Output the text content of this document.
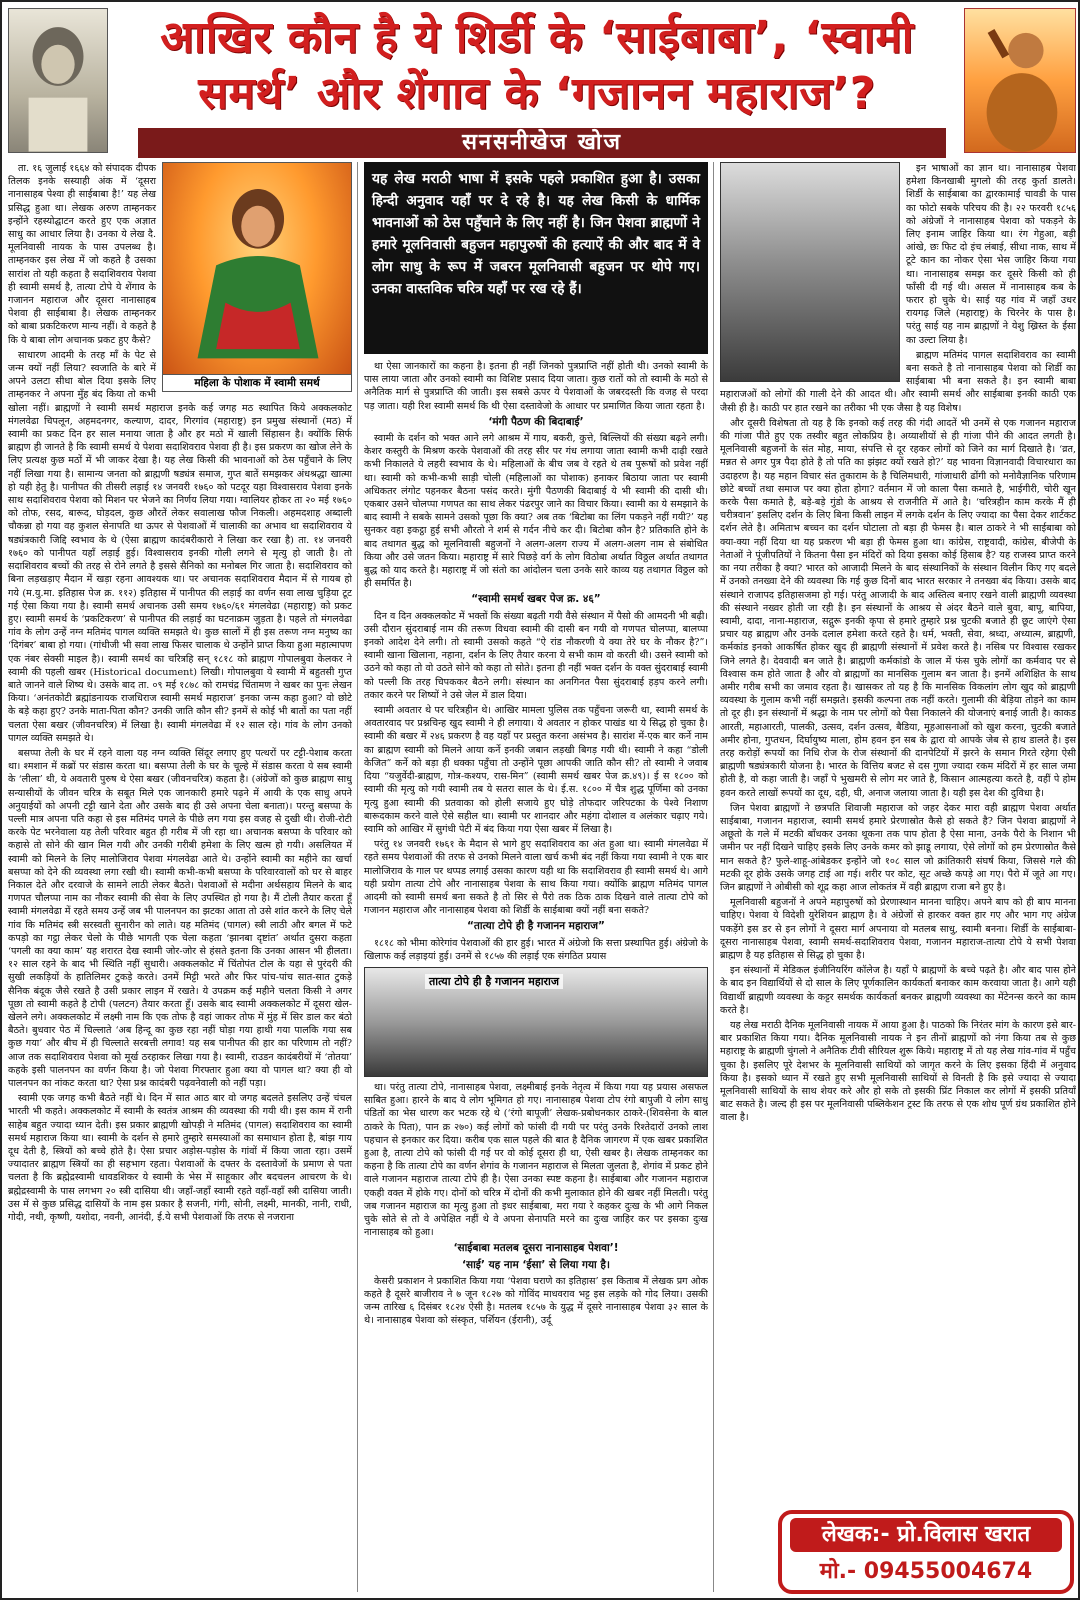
आखिर कौन है ये शिर्डी के ‘साईबाबा’, ‘स्वामी
समर्थ’ और शेंगाव के ‘गजानन महाराज’?
सनसनीखेज खोज
महिला के पोशाक में स्वामी समर्थ

ता. १६ जुलाई १६६४ को संपादक दीपक तिलक इनके सस्याही अंक में ‘दूसरा नानासाहब पेश्वा ही साईबाबा है!’ यह लेख प्रसिद्ध हुआ था। लेखक अरुण ताम्हनकर इन्होंने रहस्योद्घाटन करते हुए एक अज्ञात साधु का आधार लिया है। उनका ये लेख दै. मूलनिवासी नायक के पास उपलब्ध है। ताम्हनकर इस लेख में जो कहते है उसका सारांश तो यही कहता है सदाशिवराव पेशवा ही स्वामी समर्थ है, तात्या टोपे ये शेंगाव के गजानन महाराज और दूसरा नानासाहब पेशवा ही साईबाबा है। लेखक ताम्हनकर को बाबा प्रकटिकरण मान्य नहीं। वे कहते है कि ये बाबा लोग अचानक प्रकट हुए कैसे?

साधारण आदमी के तरह माँ के पेट से जन्म क्यों नहीं लिया? स्वजाति के बारे में अपने उलटा सीधा बोल दिया इसके लिए ताम्हनकर ने अपना मुँह बंद किया तो कभी खोला नहीं। ब्राह्मणों ने स्वामी समर्थ महाराज इनके कई जगह मठ स्थापित किये अक्कलकोट मंगलवेढा चिपलून, अहमदनगर, कल्याण, दादर, गिरगांव (महाराष्ट्र) इन प्रमुख संस्थानों (मठ) में स्वामी का प्रकट दिन हर साल मनाया जाता है और हर मठो में खाली सिंहासन है। क्योंकि सिर्फ ब्राह्मण ही जानते है कि स्वामी समर्थ ये पेशवा सदाशिवराव पेशवा ही है। इस प्रकरण का खोज लेने के लिए प्रत्यक्ष कुछ मठों में भी जाकर देखा है। यह लेख किसी की भावनाओं को ठेस पहुँचाने के लिए नहीं लिखा गया है। सामान्य जनता को ब्राह्मणी षड्यंत्र समाज, गुप्त बातें समझकर अंधश्रद्धा खात्मा हो यही हेतु है। पानीपत की तीसरी लड़ाई १४ जनवरी १७६० को पटदूर यहा विश्वासराव पेशवा इनके साथ सदाशिवराव पेशवा को मिशन पर भेजने का निर्णय लिया गया। ग्वालियर होकर ता २० मई १७६० को तोफ, रसद, बारूद, घोड़दल, कुछ औरतें लेकर सवालाख फौज निकली। अहमदशाह अब्दाली चौकन्ना हो गया वह कुशल सेनापति था ऊपर से पेशवाओं में चालाकी का अभाव था सदाशिवराव ये षड्यंत्रकारी जिद्दि स्वभाव के थे (ऐसा ब्राह्मण कादंबरीकारो ने लिखा कर रखा है) ता. १४ जनवरी १७६० को पानीपत यहाँ लड़ाई हुई। विश्वासराव इनकी गोली लगने से मृत्यु हो जाती है। तो सदाशिवराव बच्चों की तरह से रोने लगते है इससे सैनिको का मनोबल गिर जाता है। सदाशिवराव को बिना लड़खड़ाए मैदान में खड़ा रहना आवश्यक था। पर अचानक सदाशिवराव मैदान में से गायब हो गये (म.यु.मा. इतिहास पेज क्र. ११२) इतिहास में पानीपत की लड़ाई का वर्णन सवा लाख चुड़िया टूट गई ऐसा किया गया है। स्वामी समर्थ अचानक उसी समय १७६०/६१ मंगलवेढा (महाराष्ट्र) को प्रकट हुए। स्वामी समर्थ के ‘प्रकटिकरण’ से पानीपत की लड़ाई का घटनाक्रम जुड़ता है। पहले तो मंगलवेढा गांव के लोग उन्हें नग्न मतिमंद पागल व्यक्ति समझते थे। कुछ सालों में ही इस तरूण नग्न मनुष्य का ‘दिगंबर’ बाबा हो गया। (गांधीजी भी सवा लाख फिसर चालाक थे उन्होंने प्राप्त किया हुआ महात्मापण एक नंबर सेक्सी माइल है)। स्वामी समर्थ का चरित्रहि सन् १८१८ को ब्राह्मण गोपालबुवा केलकर ने स्वामी की पहली खबर (Historical document) लिखी। गोपालबुवा ये स्वामी में बहुतसी गुप्त बाते जानने वाले शिष्य थे। उसके बाद ता. ०९ मई १८७८ को रामचंद्र चिंतामण ने खबर का पुनः लेखन किया। ‘अनंतकोटी ब्रह्मांडनायक राजधिराज स्वामी समर्थ महाराज’ इनका जन्म कहा हुआ? वो छोटे के बड़े कहा हुए? उनके माता-पिता कौन? उनकी जाति कौन सी? इनमें से कोई भी बातों का पता नहीं चलता ऐसा बखर (जीवनचरित्र) में लिखा है। स्वामी मंगलवेढा में १२ साल रहे। गांव के लोग उनको पागल व्यक्ति समझते थे।

बसप्पा तेली के घर में रहने वाला यह नग्न व्यक्ति सिंदूर लगाए हुए पत्थरों पर टट्टी-पेशाब करता था। श्मशान में कब्रों पर संडास करता था। बसप्पा तेली के घर के चूल्हे में संडास करता ये सब स्वामी के ‘लीला’ थी, ये अवतारी पुरुष थे ऐसा बखर (जीवनचरित्र) कहता है। (अंग्रेजों को कुछ ब्राह्मण साधु सन्यासीयों के जीवन चरित्र के सबूत मिले एक जानकारी हमारे पढ़ने में आयी के एक साधु अपने अनुयाईयों को अपनी टट्टी खाने देता और उसके बाद ही उसे अपना चेला बनाता)। परन्तु बसप्पा के पल्ली मात्र अपना पति कहा से इस मतिमंद पगले के पीछे लग गया इस वजह से दुखी थी। रोजी-रोटी करके पेट भरनेवाला यह तेली परिवार बहुत ही गरीब में जी रहा था। अचानक बसप्पा के परिवार को कहासे तो सोने की खान मिल गयी और उनकी गरीबी हमेशा के लिए खत्म हो गयी। असलियत में स्वामी को मिलने के लिए मालोजिराव पेशवा मंगलवेढा आते थे। उन्होंने स्वामी का महीने का खर्चा बसप्पा को देने की व्यवस्था लगा रखी थी। स्वामी कभी-कभी बसप्पा के परिवारवालों को घर से बाहर निकाल देते और दरवाजे के सामने लाठी लेकर बैठते। पेशवाओं से मदीना अर्थसहाय मिलने के बाद गणपत चौलप्पा नाम का नौकर स्वामी की सेवा के लिए उपस्थित हो गया है। मैं टोली तैयार करता हूँ स्वामी मंगलवेढा में रहते समय उन्हें जब भी पालनपन का झटका आता तो उसे शांत करने के लिए चेले गांव कि मतिमंद स्त्री सरस्वती सुनारीन को लाते। यह मतिमंद (पागल) स्त्री लाठी और बगल में फटे कपड़ो का गट्ठा लेकर चेलो के पीछे भागती एक चेला कहता ‘झानबा दृष्टांत’ अर्थात दुसरा कहता ‘पगली का क्या काम’ यह शरारत देख स्वामी जोर-जोर से हंसते इतना कि उनका आसन भी हीलता। १२ साल रहने के बाद भी स्थिति नहीं सुधारी। अक्कलकोट में चिंतोपंत टोल के यहा से पुरंदरी की सुखी लकड़ियों के हातिलिमर टुकड़े करते। उनमें मिट्टी भरते और फिर पांच-पांच सात-सात टुकड़े सैनिक बंदूक जैसे रखते है उसी प्रकार लाइन में रखते। ये उपक्रम कई महीने चलता किसी ने अगर पूछा तो स्वामी कहते है टोपी (पलटन) तैयार करता हूँ। उसके बाद स्वामी अक्कलकोट में दूसरा खेल-खेलने लगे। अक्कलकोट में लक्ष्मी नाम कि एक तोफ है वहां जाकर तोफ में मुंह में सिर डाल कर बंठो बैठते। बुधवार पेठ में चिल्लाते ‘अब हिन्दू का कुछ रहा नहीं घोड़ा गया हाथी गया पालकि गया सब कुछ गया’ और बीच में ही चिल्लाते सरबत्ती लगाव! यह सब पानीपत की हार का परिणाम तो नहीं? आज तक सदाशिवराव पेशवा को मूर्ख ठरहाकर लिखा गया है। स्वामी, राउडन कादंबरीयों में ‘तोतया’ कहके इसी पालनपन का वर्णन किया है। जो पेशवा गिरफ्तार हुआ क्या वो पागल था? क्या ही वो पालनपन का नांकट करता था? ऐसा प्रश्न कादंबरी पढ़वनेवाली को नहीं पड़ा।

स्वामी एक जगह कभी बैठते नहीं थे। दिन में सात आठ बार वो जगह बदलते इसलिए उन्हें चंचल भारती भी कहते। अक्कलकोट में स्वामी के स्वतंत्र आश्रम की व्यवस्था की गयी थी। इस काम में रानी साहेब बहुत ज्यादा ध्यान देती। इस प्रकार ब्राह्मणी खोपड़ी ने मतिमंद (पागल) सदाशिवराव का स्वामी समर्थ महाराज किया था। स्वामी के दर्शन से हमारे तुम्हारे समस्याओं का समाधान होता है, बांझ गाय दूध देती है, स्त्रियों को बच्चे होते है। ऐसा प्रचार अड़ोस-पड़ोस के गांवों में किया जाता रहा। उसमें ज्यादातर ब्राह्मण स्त्रियों का ही सहभाग रहता। पेशवाओं के दफ्तर के दस्तावेजों के प्रमाण से पता चलता है कि ब्रह्मेद्रस्वामी धावडशिकर ये स्वामी के भेस में साहूकार और बदचलन आचरण के थे। ब्रह्मेद्रस्वामी के पास लगभग २० स्त्री दासिया थी। जहाँ-जहाँ स्वामी रहते वहाँ-वहाँ स्त्री दासिया जाती। उस में से कुछ प्रसिद्ध दासियों के नाम इस प्रकार है सजनी, गंगी, सोनी, लक्ष्मी, मानकी, नानी, राधी, गोदी, नथी, कृष्णी, यशोदा, नवनी, आनंदी, ई.ये सभी पेशवाओं कि तरफ से नजराना

यह लेख मराठी भाषा में इसके पहले प्रकाशित हुआ है। उसका हिन्दी अनुवाद यहाँ पर दे रहे है। यह लेख किसी के धार्मिक भावनाओं को ठेस पहुँचाने के लिए नहीं है। जिन पेशवा ब्राह्मणों ने हमारे मूलनिवासी बहुजन महापुरुषों की हत्याऐं की और बाद में वे लोग साधु के रूप में जबरन मूलनिवासी बहुजन पर थोपे गए। उनका वास्तविक चरित्र यहाँ पर रख रहे हैं।

था ऐसा जानकारों का कहना है। इतना ही नहीं जिनको पुत्रप्राप्ति नहीं होती थी। उनको स्वामी के पास लाया जाता और उनको स्वामी का विशिष्ट प्रसाद दिया जाता। कुछ रातों को तो स्वामी के मठो से अनैतिक मार्ग से पुत्रप्राप्ति की जाती। इस सबसे ऊपर ये पेशवाओं के जबरदस्ती कि वजह से परदा पड़ जाता। यही रिश स्वामी समर्थ कि थी ऐसा दस्तावेजो के आधार पर प्रमाणित किया जाता रहता है।

‘मंगी पैठण की बिदाबाई’

स्वामी के दर्शन को भक्त आने लगे आश्रम में गाय, बकरी, कुत्ते, बिल्लियों की संख्या बढ़ने लगी। केशर कस्तुरी के मिश्रण करके पेशवाओं की तरह सीर पर गंध लगाया जाता स्वामी कभी दाढ़ी रखते कभी निकालते ये लहरी स्वभाव के थे। महिलाओं के बीच जब वे रहते थे तब पुरूषों को प्रवेश नहीं था। स्वामी को कभी-कभी साड़ी चोली (महिलाओं का पोशाक) हनाकर बिठाया जाता पर स्वामी अधिकतर लंगोट पहनकर बैठना पसंद करते। मुंगी पैठणकी बिदाबाई ये भी स्वामी की दासी थी। एकबार उसने चोलप्पा गणपत का साथ लेकर पंढरपुर जाने का विचार किया। स्वामी का ये समझाने के बाद स्वामी ने सबके सामने उसको पूछा कि क्या? अब तक ‘बिटोबा का लिंग पकड़ने नहीं गयी?’ यह सुनकर वहा इकट्ठा हुई सभी औरतो ने शर्म से गर्दन नीचे कर दी। बिटोबा कौन है? प्रतिकाति होने के बाद तथागत बुद्ध को मूलनिवासी बहुजनों ने अलग-अलग राज्य में अलग-अलग नाम से संबोधित किया और उसे जतन किया। महाराष्ट्र में सारे पिछड़े वर्ग के लोग विठोबा अर्थात विठ्ठल अर्थात तथागत बुद्ध को याद करते है। महाराष्ट्र में जो संतो का आंदोलन चला उनके सारे काव्य यह तथागत विठ्ठल को ही समर्पित है।

“स्वामी समर्थ खबर पेज क्र. ४६”

दिन व दिन अक्कलकोट में भक्तों कि संख्या बढ़ती गयी वैसे संस्थान में पैसो की आमदनी भी बढ़ी। उसी दौरान सुंदराबाई नाम की तरूण विधवा स्वामी की दासी बन गयी वो गणपत चोलप्पा, बालप्पा इनको आदेश देने लगी। तो स्वामी उसको कहते “ऐ रांड नौकरणी ये क्या तेरे घर के नौकर है?”। स्वामी खाना खिलाना, नहाना, दर्शन के लिए तैयार करना ये सभी काम वो करती थी। उसने स्वामी को उठने को कहा तो वो उठते सोने को कहा तो सोते। इतना ही नहीं भक्त दर्शन के वक्त सुंदराबाई स्वामी को पल्ली कि तरह चिपककर बैठने लगी। संस्थान का अनगिनत पैसा सुंदराबाई हड़प करने लगी। तकार करने पर शिष्यों ने उसे जेल में डाल दिया।

स्वामी अवतार थे पर चरित्रहीन थे। आखिर मामला पुलिस तक पहुँचना जरूरी था, स्वामी समर्थ के अवतारवाद पर प्रश्नचिन्ह खुद स्वामी ने ही लगाया। ये अवतार न होकर पाखंड था ये सिद्ध हो चुका है। स्वामी की बखर में २४६ प्रकरण है वह यहाँ पर प्रस्तुत करना असंभव है। सारांश में-एक बार कर्ने नाम का ब्राह्मण स्वामी को मिलने आया कर्ने इनकी जबान लड़खी बिगड़ गयी थी। स्वामी ने कहा “डोली केजित” कर्ने को बड़ा ही धक्का पहुँचा तो उन्होंने पूछा आपकी जाति कौन सी? तो स्वामी ने जवाब दिया “यजुर्वेदी-ब्राह्मण, गोत्र-कश्यप, रास-मिन” (स्वामी समर्थ खबर पेज क्र.४९)। ई स १८०० को स्वामी की मृत्यु को गयी स्वामी तब ये सतरा साल के थे। ई.स. १८०० में चैत्र शुद्ध पूर्णिमा को उनका मृत्यु हुआ स्वामी की प्रतवाका को होली सजाये हुए घोड़े तोफदार जरिपटका के पेश्वे निशाण बारूदकाम करने वाले ऐसे सहील था। स्वामी पर शानदार और महंगा दोशाल व अलंकार चढ़ाए गये। स्वामि को आखिर में सुगंधी पेटी में बंद किया गया ऐसा खबर में लिखा है।

परंतु १४ जनवरी १७६१ के मैदान से भागे हुए सदाशिवराव का अंत हुआ था। स्वामी मंगलवेढा में रहते समय पेशवाओं की तरफ से उनको मिलने वाला खर्च कभी बंद नहीं किया गया स्वामी ने एक बार मालोजिराव के गाल पर थप्पड लगाई उसका कारण यही था कि सदाशिवराव ही स्वामी समर्थ थे। आगे यही प्रयोग तात्या टोपे और नानासाहब पेशवा के साथ किया गया। क्योंकि ब्राह्मण मतिमंद पागल आदमी को स्वामी समर्थ बना सकते है तो सिर से पैरो तक ठिक ठाक दिखने वाले तात्या टोपे को गजानन महाराज और नानासाहब पेशवा को शिर्डी के साईबाबा क्यों नहीं बना सकते?

“तात्या टोपे ही है गजानन महाराज”

१८१८ को भीमा कोरेगांव पेशवाओं की हार हुई। भारत में अंग्रेजो कि सत्ता प्रस्थापित हुई। अंग्रेजो के खिलाफ कई लड़ाइयां हुई। उनमें से १८५७ की लड़ाई एक संगठित प्रयास

तात्या टोपे ही है गजानन महाराज

था। परंतु तात्या टोपे, नानासाहब पेशवा, लक्ष्मीबाई इनके नेतृत्व में किया गया यह प्रयास असफल साबित हुआ। हारने के बाद ये लोग भूमिगत हो गए। नानासाहब पेशवा टोप रंगो बापुजी ये लोग साधु पंडितों का भेस धारण कर भटक रहे थे (‘रंगो बापूजी’ लेखक-प्रबोधनकार ठाकरे-(शिवसेना के बाल ठाकरे के पिता), पान क्र २७०) कई लोगों को फांसी दी गयी पर परंतु उनके रिश्तेदारों उनको लाश पहचान से इनकार कर दिया। करीब एक साल पहले की बात है दैनिक जागरण में एक खबर प्रकाशित हुआ है, तात्या टोपे को फांसी दी गई पर वो कोई दूसरा ही था, ऐसी खबर है। लेखक ताम्हनकर का कहना है कि तात्या टोपे का वर्णन शेगांव के गजानन महाराज से मिलता जुलता है, शेगांव में प्रकट होने वाले गजानन महाराज तात्या टोपे ही है। ऐसा उनका स्पष्ट कहना है। साईबाबा और गजानन महाराज एकही वक्त में होके गए। दोनों को चरित्र में दोनों की कभी मुलाकात होने की खबर नहीं मिलती। परंतु जब गजानन महाराज का मृत्यु हुआ तो इधर साईबाबा, मरा गया रे कहकर दुःख के भी आगे निकल चुके सोते से तो वे अपेक्षित नहीं थे वे अपना सेनापति मरने का दुःख जाहिर कर पर इसका दुःख नानासाहब को हुआ।

‘साईबाबा मतलब दूसरा नानासाहब पेशवा’!
‘साई’ यह नाम ‘ईसा’ से लिया गया है।

केसरी प्रकाशन ने प्रकाशित किया गया ‘पेशवा घराणे का इतिहास’ इस किताब में लेखक प्रग ओक कहते है दूसरे बाजीराव ने ७ जून १८२७ को गोविंद माधवराव भट्ट इस लड़के को गोद लिया। उसकी जन्म तारिख ६ दिसंबर १८२४ ऐसी है। मतलब १८५७ के युद्ध में दूसरे नानासाहब पेशवा ३२ साल के थे। नानासाहब पेशवा को संस्कृत, पर्शियन (ईरानी), उर्दू

इन भाषाओं का ज्ञान था। नानासाहब पेशवा हमेशा किनखाबी मुगलो की तरह कुर्ता डालते। शिर्डी के साईबाबा का द्वारकामाई चावडी के पास का फोटो सबके परिचय की है। २२ फरवरी १८५६ को अंग्रेजों ने नानासाहब पेशवा को पकड़ने के लिए इनाम जाहिर किया था। रंग गेहुआ, बड़ी आंखे, छः फिट दो इंच लंबाई, सीधा नाक, साथ में टूटे कान का नोकर ऐसा भेस जाहिर किया गया था। नानासाहब समझ कर दूसरे किसी को ही फाँसी दी गई थी। असल में नानासाहब कब के फरार हो चुके थे। साई यह गांव में जहाँ उधर रायगढ़ जिले (महाराष्ट्र) के चिरनेर के पास है। परंतु साई यह नाम ब्राह्मणों ने येशु ख्रिस्त के ईसा का उल्टा लिया है।

ब्राह्मण मतिमंद पागल सदाशिवराव का स्वामी बना सकते है तो नानासाहब पेशवा को शिर्डी का साईबाबा भी बना सकते है। इन स्वामी बाबा महाराजओं को लोगों की गाली देने की आदत थी। और स्वामी समर्थ और साईबाबा इनकी काठी एक जैसी ही है। काठी पर हात रखने का तरीका भी एक जैसा है यह विशेष।

और दूसरी विशेषता तो यह है कि इनको कई तरह की गंदी आदतें भी उनमें से एक गजानन महाराज की गांजा पीते हुए एक तस्वीर बहुत लोकप्रिय है। अय्याशीयों से ही गांजा पीने की आदत लगती है। मूलनिवासी बहुजनों के संत मोह, माया, संपत्ति से दूर रहकर लोगों को जिने का मार्ग दिखाते है। ‘व्रत, मन्नत से अगर पुत्र पैदा होते है तो पति का झंझट क्यों रखते हो?’ यह भावना विज्ञानवादी विचारधारा का उदाहरण है। यह महान विचार संत तुकाराम के है चिलिमधारी, गांजाधारी ढोंगी को मनोवैज्ञानिक परिणाम छोटे बच्चों तथा समाज पर क्या होता होगा? वर्तमान में जो काला पैसा कमाते है, भाईगीरी, चोरी खून करके पैसा कमाते है, बड़े-बड़े गुंडो के आश्रय से राजनीति में आते है। ‘चरित्रहीन काम करके मैं ही चरीत्रवान’ इसलिए दर्शन के लिए बिना किसी लाइन में लगके दर्शन के लिए ज्यादा का पैसा देकर शार्टकट दर्शन लेते है। अमिताभ बच्चन का दर्शन घोटाला तो बड़ा ही फेमस है। बाल ठाकरे ने भी साईबाबा को क्या-क्या नहीं दिया था यह प्रकरण भी बड़ा ही फेमस हुआ था। कांग्रेस, राष्ट्रवादी, कांग्रेस, बीजेपी के नेताओं ने पूंजीपतियों ने कितना पैसा इन मंदिरों को दिया इसका कोई हिसाब है? यह राजस्व प्राप्त करने का नया तरीका है क्या? भारत को आजादी मिलने के बाद संस्थानिकों के संस्थान विलीन किए गए बदले में उनको तनख्वा देने की व्यवस्था कि गई कुछ दिनों बाद भारत सरकार ने तनख्वा बंद किया। उसके बाद संस्थाने राजापद इतिहासजमा हो गई। परंतु आजादी के बाद अस्तित्व बनाए रखने वाली ब्राह्मणी व्यवस्था की संस्थाने नख्वर होती जा रही है। इन संस्थानों के आश्रय से अंदर बैठने वाले बुवा, बापू, बापिया, स्वामी, दादा, नाना-महाराज, सद्गुरू इनकी कृपा से हमारे तुम्हारे प्रश्न चुटकी बजाते ही छूट जाएंगे ऐसा प्रचार यह ब्राह्मण और उनके दलाल हमेशा करते रहते है। धर्म, भक्ती, सेवा, श्रध्दा, अध्यात्म, ब्राह्मणी, कर्मकांड इनको आकर्षित होकर खुद ही ब्राह्मणी संस्थानों में प्रवेश करते है। नसिब पर विश्वास रखकर जिने लगते है। देववादी बन जाते है। ब्राह्मणी कर्मकांडो के जाल में फंस चुके लोगों का कर्मवाद पर से विश्वास कम होते जाता है और वो ब्राह्मणों का मानसिक गुलाम बन जाता है। इनमें अशिक्षित के साथ अमीर गरीब सभी का जमाव रहता है। खासकर तो यह है कि मानसिक विकलांग लोग खुद को ब्राह्मणी व्यवस्था के गुलाम कभी नहीं समझते। इसकी कल्पना तक नहीं करते। गुलामी की बेड़िया तोड़ने का काम तो दूर ही। इन संस्थानों में श्रद्धा के नाम पर लोगों को पैसा निकालने की योजनाएं बनाई जाती है। काकड आरती, महाआरती, पालकी, उत्सव, दर्शन उत्सव, बैडिया, मूहआसनाओं को खुश करना, चुटकी बजाते अमीर होना, गुप्तधन, दिर्घायुष्य माला, होम हवन इन सब के द्वारा वो आपके जेब से हाथ डालते है। इस तरह करोड़ों रूपयों का निधि रोज के रोज संस्थानों की दानपेटियों में झरने के समान गिरते रहेगा ऐसी ब्राह्मणी षड्यंत्रकारी योजना है। भारत के वित्तिय बजट से दस गुणा ज्यादा रकम मंदिरों में हर साल जमा होती है, वो कहा जाती है। जहाँ पे भुखमरी से लोग मर जाते है, किसान आत्महत्या करते है, वहीं पे होम हवन करते लाखों रूपयों का दूध, दही, घी, अनाज जलाया जाता है। यही इस देश की दुविधा है।

जिन पेशवा ब्राह्मणों ने छत्रपति शिवाजी महाराज को जहर देकर मारा वही ब्राह्मण पेशवा अर्थात साईबाबा, गजानन महाराज, स्वामी समर्थ हमारे प्रेरणास्रोत कैसे हो सकते है? जिन पेशवा ब्राह्मणों ने अछूतो के गले में मटकी बाँधकर उनका थूकना तक पाप होता है ऐसा माना, उनके पैरो के निशान भी जमीन पर नहीं दिखने चाहिए इसके लिए उनके कमर को झाडू लगाया, ऐसे लोगों को हम प्रेरणास्रोत कैसे मान सकते है? फुले-शाहू-आंबेडकर इन्होंने जो १०८ साल जो क्रांतिकारी संघर्ष किया, जिससे गले की मटकी दूर होके उसके जगह टाई आ गई। शरीर पर कोट, सूट अच्छे कपड़े आ गए। पैरो में जूते आ गए। जिन ब्राह्मणों ने ओबीसी को शूद्र कहा आज लोकतंत्र में वही ब्राह्मण राजा बने हुए है।

मूलनिवासी बहुजनों ने अपने महापुरुषों को प्रेरणास्थान मानना चाहिए। अपने बाप को ही बाप मानना चाहिए। पेशवा ये विदेशी युरेशियन ब्राह्मण है। वे अंग्रेजों से हारकर वक्त हार गए और भाग गए अंग्रेज पकड़ेंगे इस डर से इन लोगों ने दूसरा मार्ग अपनाया वो मतलब साधु, स्वामी बनना। शिर्डी के साईबाबा-दूसरा नानासाहब पेशवा, स्वामी समर्थ-सदाशिवराव पेशवा, गजानन महाराज-तात्या टोपे ये सभी पेशवा ब्राह्मण है यह इतिहास से सिद्ध हो चुका है।

इन संस्थानों में मेडिकल इंजीनियरिंग कॉलेज है। यहाँ पे ब्राह्मणों के बच्चे पढ़ते है। और बाद पास होने के बाद इन विद्यार्थियों से दो साल के लिए पूर्णकालिन कार्यकर्ता बनाकर काम करवाया जाता है। आगे यही विद्यार्थी ब्राह्मणी व्यवस्था के कट्टर समर्थक कार्यकर्ता बनकर ब्राह्मणी व्यवस्था का मेंटेनन्स करने का काम करते है।

यह लेख मराठी दैनिक मूलनिवासी नायक में आया हुआ है। पाठको कि निरंतर मांग के कारण इसे बार-बार प्रकाशित किया गया। दैनिक मूलनिवासी नायक ने इन तीनों ब्राह्मणों को नंगा किया तब से कुछ महाराष्ट्र के ब्राह्मणी चुंगलो ने अनैतिक टीवी सीरियल शुरू किये। महाराष्ट्र में तो यह लेख गांव-गांव में पहुँच चुका है। इसलिए पूरे देशभर के मूलनिवासी साथियों को जागृत करने के लिए इसका हिंदी में अनुवाद किया है। इसको ध्यान में रखते हुए सभी मूलनिवासी साथियों से विनती है कि इसे ज्यादा से ज्यादा मूलनिवासी साथियों के साथ शेयर करे और हो सके तो इसकी प्रिंट निकाल कर लोगों में इसकी प्रतियाँ बाट सकते है। जल्द ही इस पर मूलनिवासी पब्लिकेशन ट्रस्ट कि तरफ से एक शोध पूर्ण ग्रंथ प्रकाशित होने वाला है।

लेखक:- प्रो.विलास खरात
मो.- 09455004674
